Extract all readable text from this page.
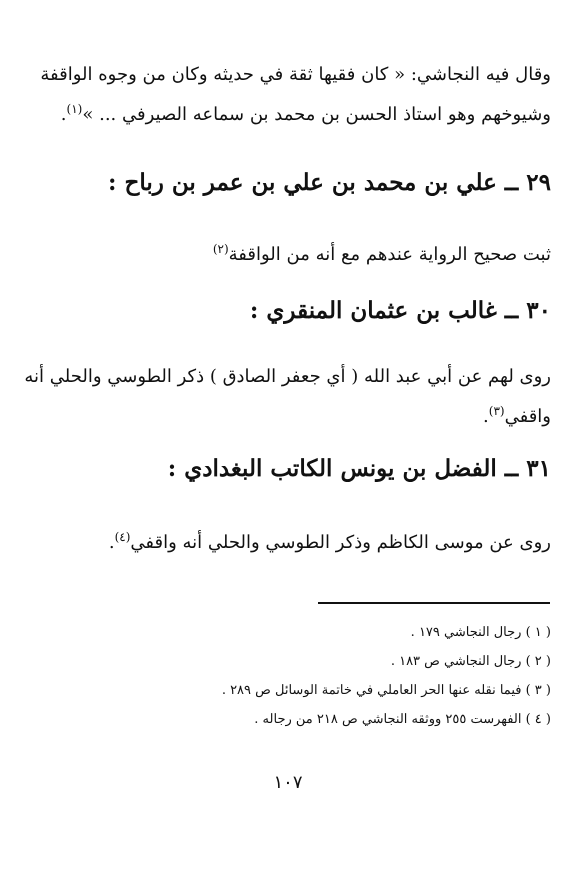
وقال فيه النجاشي: « كان فقيها ثقة في حديثه وكان من وجوه الواقفة
وشيوخهم وهو استاذ الحسن بن محمد بن سماعه الصيرفي ... »$^{(١)}$.

٢٩ ــ علي بن محمد بن علي بن عمر بن رباح :

ثبت صحيح الرواية عندهم مع أنه من الواقفة$^{(٢)}$

٣٠ ــ غالب بن عثمان المنقري :

روى لهم عن أبي عبد الله ( أي جعفر الصادق ) ذكر الطوسي والحلي أنه
واقفي$^{(٣)}$.

٣١ ــ الفضل بن يونس الكاتب البغدادي :

روى عن موسى الكاظم وذكر الطوسي والحلي أنه واقفي$^{(٤)}$.

( ١ ) رجال النجاشي ١٧٩ .
( ٢ ) رجال النجاشي ص ١٨٣ .
( ٣ ) فيما نقله عنها الحر العاملي في خاتمة الوسائل ص ٢٨٩ .
( ٤ ) الفهرست ٢٥٥ ووثقه النجاشي ص ٢١٨ من رجاله .
١٠٧
